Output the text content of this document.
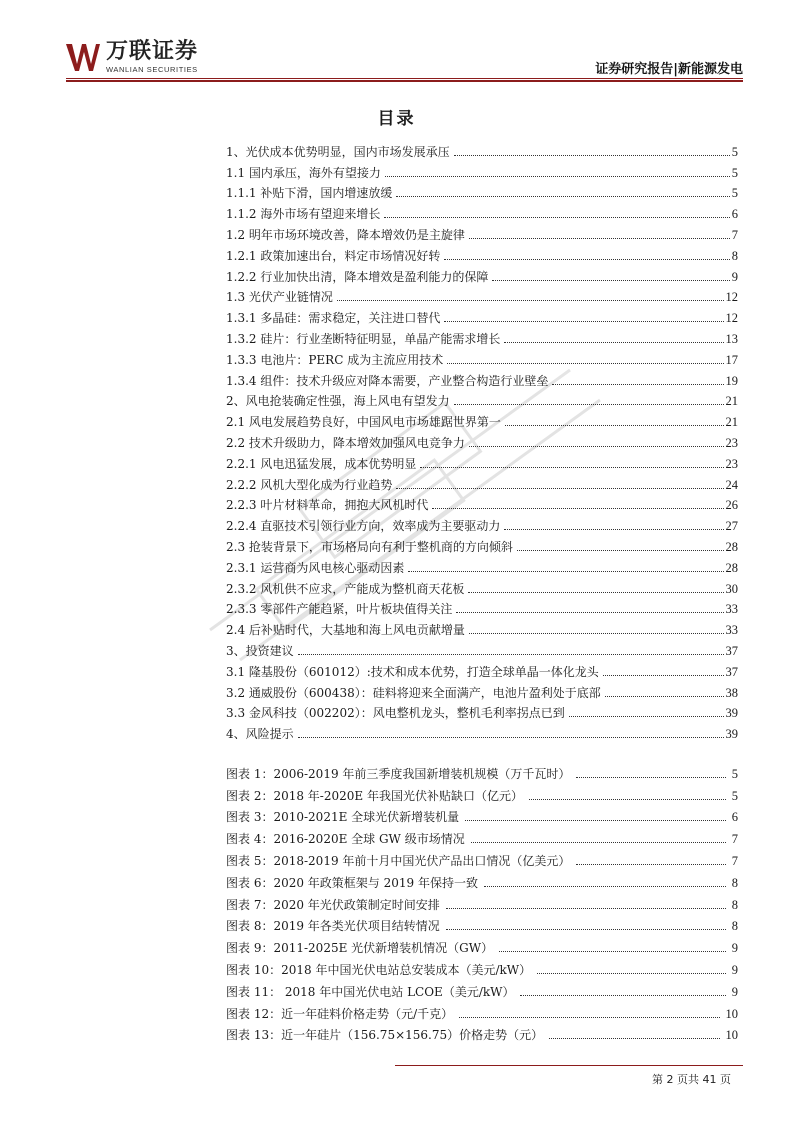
万联证券
WANLIAN SECURITIES	证券研究报告|新能源发电
目录
1、光伏成本优势明显，国内市场发展承压	5
1.1 国内承压，海外有望接力	5
1.1.1 补贴下滑，国内增速放缓	5
1.1.2 海外市场有望迎来增长	6
1.2 明年市场环境改善，降本增效仍是主旋律	7
1.2.1 政策加速出台，料定市场情况好转	8
1.2.2 行业加快出清，降本增效是盈利能力的保障	9
1.3 光伏产业链情况	12
1.3.1 多晶硅：需求稳定，关注进口替代	12
1.3.2 硅片：行业垄断特征明显，单晶产能需求增长	13
1.3.3 电池片：PERC 成为主流应用技术	17
1.3.4 组件：技术升级应对降本需要，产业整合构造行业壁垒	19
2、风电抢装确定性强，海上风电有望发力	21
2.1 风电发展趋势良好，中国风电市场雄踞世界第一	21
2.2 技术升级助力，降本增效加强风电竞争力	23
2.2.1 风电迅猛发展，成本优势明显	23
2.2.2 风机大型化成为行业趋势	24
2.2.3 叶片材料革命，拥抱大风机时代	26
2.2.4 直驱技术引领行业方向，效率成为主要驱动力	27
2.3 抢装背景下，市场格局向有利于整机商的方向倾斜	28
2.3.1 运营商为风电核心驱动因素	28
2.3.2 风机供不应求，产能成为整机商天花板	30
2.3.3 零部件产能趋紧，叶片板块值得关注	33
2.4 后补贴时代，大基地和海上风电贡献增量	33
3、投资建议	37
3.1 隆基股份（601012）:技术和成本优势，打造全球单晶一体化龙头	37
3.2 通威股份（600438）：硅料将迎来全面满产，电池片盈利处于底部	38
3.3 金风科技（002202）：风电整机龙头，整机毛利率拐点已到	39
4、风险提示	39
图表 1：2006-2019 年前三季度我国新增装机规模（万千瓦时）	5
图表 2：2018 年-2020E 年我国光伏补贴缺口（亿元）	5
图表 3：2010-2021E 全球光伏新增装机量	6
图表 4：2016-2020E 全球 GW 级市场情况	7
图表 5：2018-2019 年前十月中国光伏产品出口情况（亿美元）	7
图表 6：2020 年政策框架与 2019 年保持一致	8
图表 7：2020 年光伏政策制定时间安排	8
图表 8：2019 年各类光伏项目结转情况	8
图表 9：2011-2025E 光伏新增装机情况（GW）	9
图表 10：2018 年中国光伏电站总安装成本（美元/kW）	9
图表 11： 2018 年中国光伏电站 LCOE（美元/kW）	9
图表 12：近一年硅料价格走势（元/千克）	10
图表 13：近一年硅片（156.75×156.75）价格走势（元）	10
第 2 页共 41 页
